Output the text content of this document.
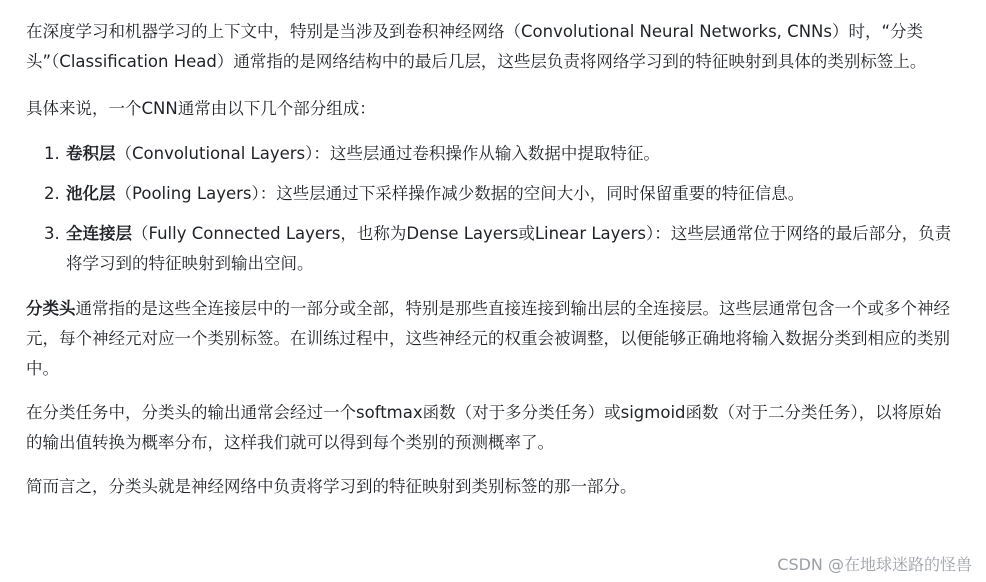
在深度学习和机器学习的上下文中，特别是当涉及到卷积神经网络（Convolutional Neural Networks, CNNs）时，“分类头”（Classification Head）通常指的是网络结构中的最后几层，这些层负责将网络学习到的特征映射到具体的类别标签上。

具体来说，一个CNN通常由以下几个部分组成：

1. 卷积层（Convolutional Layers）：这些层通过卷积操作从输入数据中提取特征。
2. 池化层（Pooling Layers）：这些层通过下采样操作减少数据的空间大小，同时保留重要的特征信息。
3. 全连接层（Fully Connected Layers，也称为Dense Layers或Linear Layers）：这些层通常位于网络的最后部分，负责将学习到的特征映射到输出空间。

分类头通常指的是这些全连接层中的一部分或全部，特别是那些直接连接到输出层的全连接层。这些层通常包含一个或多个神经元，每个神经元对应一个类别标签。在训练过程中，这些神经元的权重会被调整，以便能够正确地将输入数据分类到相应的类别中。

在分类任务中，分类头的输出通常会经过一个softmax函数（对于多分类任务）或sigmoid函数（对于二分类任务），以将原始的输出值转换为概率分布，这样我们就可以得到每个类别的预测概率了。

简而言之，分类头就是神经网络中负责将学习到的特征映射到类别标签的那一部分。

CSDN @在地球迷路的怪兽
